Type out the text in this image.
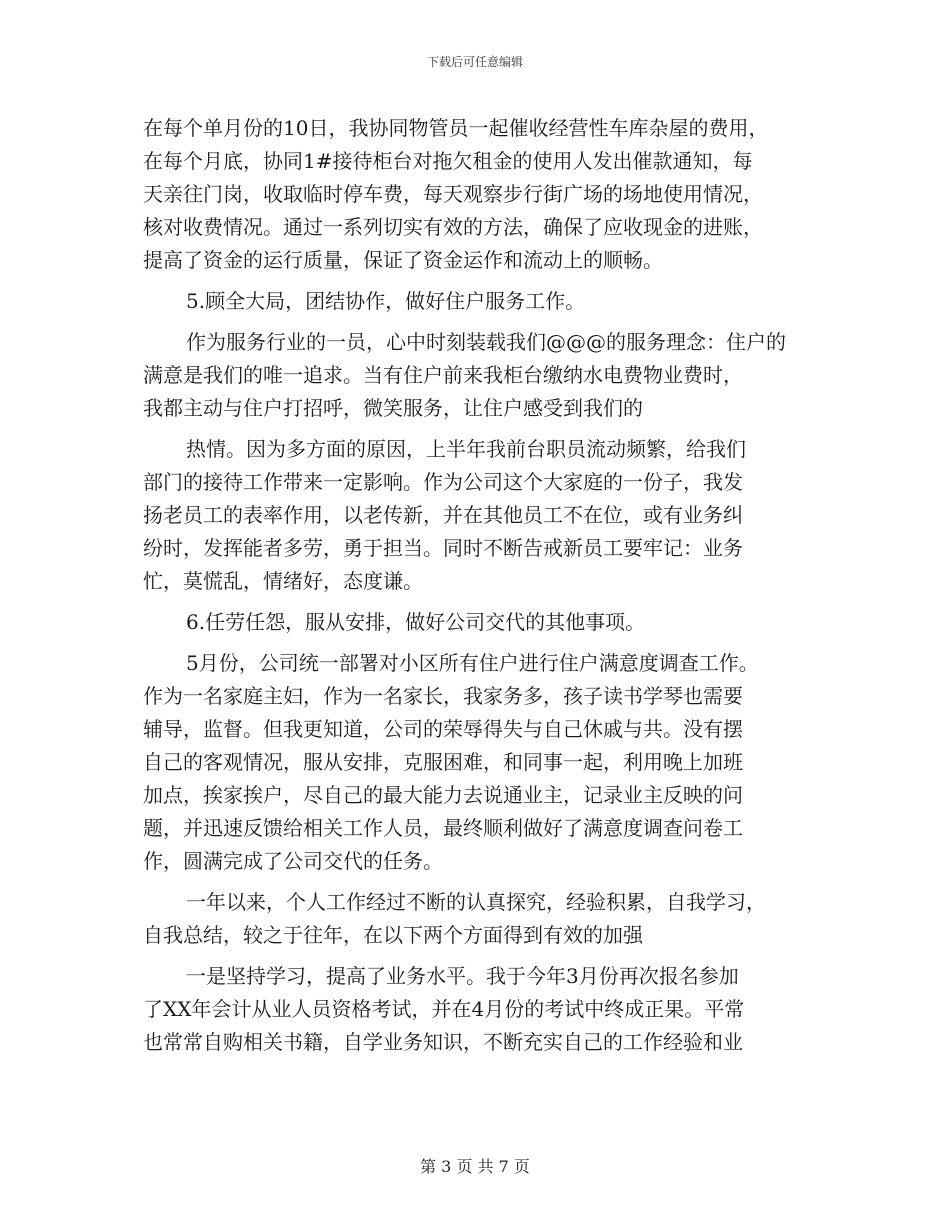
下载后可任意编辑
在每个单月份的10日，我协同物管员一起催收经营性车库杂屋的费用，
在每个月底，协同1#接待柜台对拖欠租金的使用人发出催款通知，每
天亲往门岗，收取临时停车费，每天观察步行街广场的场地使用情况，
核对收费情况。通过一系列切实有效的方法，确保了应收现金的进账，
提高了资金的运行质量，保证了资金运作和流动上的顺畅。
5.顾全大局，团结协作，做好住户服务工作。
作为服务行业的一员，心中时刻装载我们@@@的服务理念：住户的
满意是我们的唯一追求。当有住户前来我柜台缴纳水电费物业费时，
我都主动与住户打招呼，微笑服务，让住户感受到我们的
热情。因为多方面的原因，上半年我前台职员流动频繁，给我们
部门的接待工作带来一定影响。作为公司这个大家庭的一份子，我发
扬老员工的表率作用，以老传新，并在其他员工不在位，或有业务纠
纷时，发挥能者多劳，勇于担当。同时不断告戒新员工要牢记：业务
忙，莫慌乱，情绪好，态度谦。
6.任劳任怨，服从安排，做好公司交代的其他事项。
5月份，公司统一部署对小区所有住户进行住户满意度调查工作。
作为一名家庭主妇，作为一名家长，我家务多，孩子读书学琴也需要
辅导，监督。但我更知道，公司的荣辱得失与自己休戚与共。没有摆
自己的客观情况，服从安排，克服困难，和同事一起，利用晚上加班
加点，挨家挨户，尽自己的最大能力去说通业主，记录业主反映的问
题，并迅速反馈给相关工作人员，最终顺利做好了满意度调查问卷工
作，圆满完成了公司交代的任务。
一年以来，个人工作经过不断的认真探究，经验积累，自我学习，
自我总结，较之于往年，在以下两个方面得到有效的加强
一是坚持学习，提高了业务水平。我于今年3月份再次报名参加
了XX年会计从业人员资格考试，并在4月份的考试中终成正果。平常
也常常自购相关书籍，自学业务知识，不断充实自己的工作经验和业
第 3 页 共 7 页
